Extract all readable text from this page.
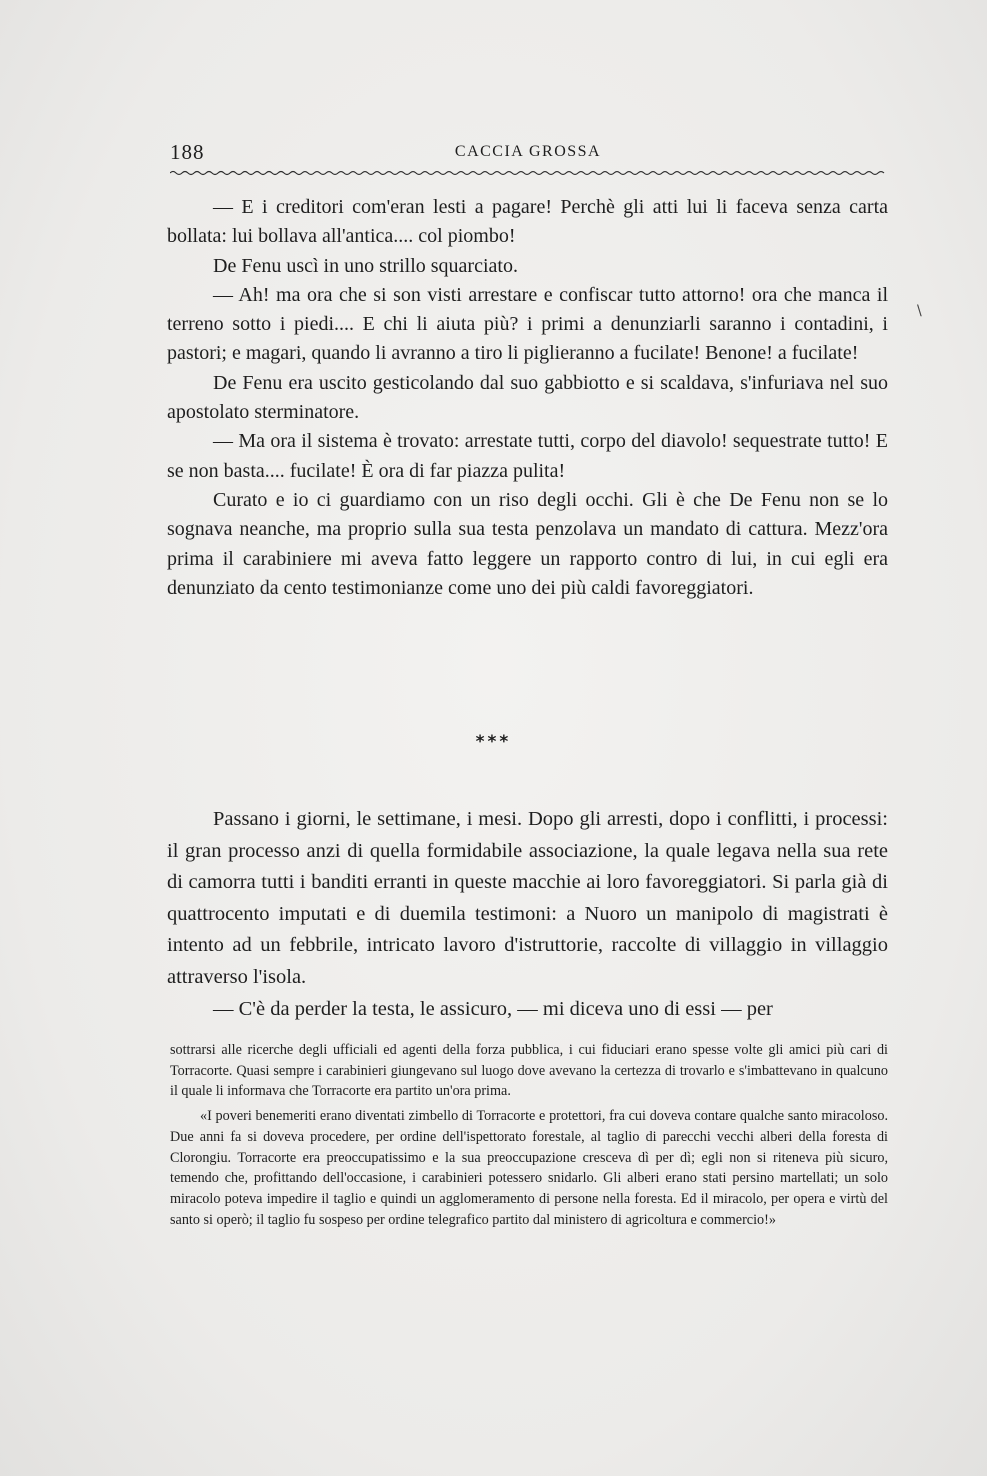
188	CACCIA GROSSA

— E i creditori com'eran lesti a pagare! Perchè gli atti lui li faceva senza carta bollata: lui bollava all'antica.... col piombo!

De Fenu uscì in uno strillo squarciato.

— Ah! ma ora che si son visti arrestare e confiscar tutto attorno! ora che manca il terreno sotto i piedi.... E chi li aiuta più? i primi a denunziarli saranno i contadini, i pastori; e magari, quando li avranno a tiro li piglieranno a fucilate! Benone! a fucilate!

De Fenu era uscito gesticolando dal suo gabbiotto e si scaldava, s'infuriava nel suo apostolato sterminatore.

— Ma ora il sistema è trovato: arrestate tutti, corpo del diavolo! sequestrate tutto! E se non basta.... fucilate! È ora di far piazza pulita!

Curato e io ci guardiamo con un riso degli occhi. Gli è che De Fenu non se lo sognava neanche, ma proprio sulla sua testa penzolava un mandato di cattura. Mezz'ora prima il carabiniere mi aveva fatto leggere un rapporto contro di lui, in cui egli era denunziato da cento testimonianze come uno dei più caldi favoreggiatori.

***

Passano i giorni, le settimane, i mesi. Dopo gli arresti, dopo i conflitti, i processi: il gran processo anzi di quella formidabile associazione, la quale legava nella sua rete di camorra tutti i banditi erranti in queste macchie ai loro favoreggiatori. Si parla già di quattrocento imputati e di duemila testimoni: a Nuoro un manipolo di magistrati è intento ad un febbrile, intricato lavoro d'istruttorie, raccolte di villaggio in villaggio attraverso l'isola.

— C'è da perder la testa, le assicuro, — mi diceva uno di essi — per

sottrarsi alle ricerche degli ufficiali ed agenti della forza pubblica, i cui fiduciari erano spesse volte gli amici più cari di Torracorte. Quasi sempre i carabinieri giungevano sul luogo dove avevano la certezza di trovarlo e s'imbattevano in qualcuno il quale li informava che Torracorte era partito un'ora prima.

«I poveri benemeriti erano diventati zimbello di Torracorte e protettori, fra cui doveva contare qualche santo miracoloso. Due anni fa si doveva procedere, per ordine dell'ispettorato forestale, al taglio di parecchi vecchi alberi della foresta di Clorongiu. Torracorte era preoccupatissimo e la sua preoccupazione cresceva dì per dì; egli non si riteneva più sicuro, temendo che, profittando dell'occasione, i carabinieri potessero snidarlo. Gli alberi erano stati persino martellati; un solo miracolo poteva impedire il taglio e quindi un agglomeramento di persone nella foresta. Ed il miracolo, per opera e virtù del santo si operò; il taglio fu sospeso per ordine telegrafico partito dal ministero di agricoltura e commercio!»

\
